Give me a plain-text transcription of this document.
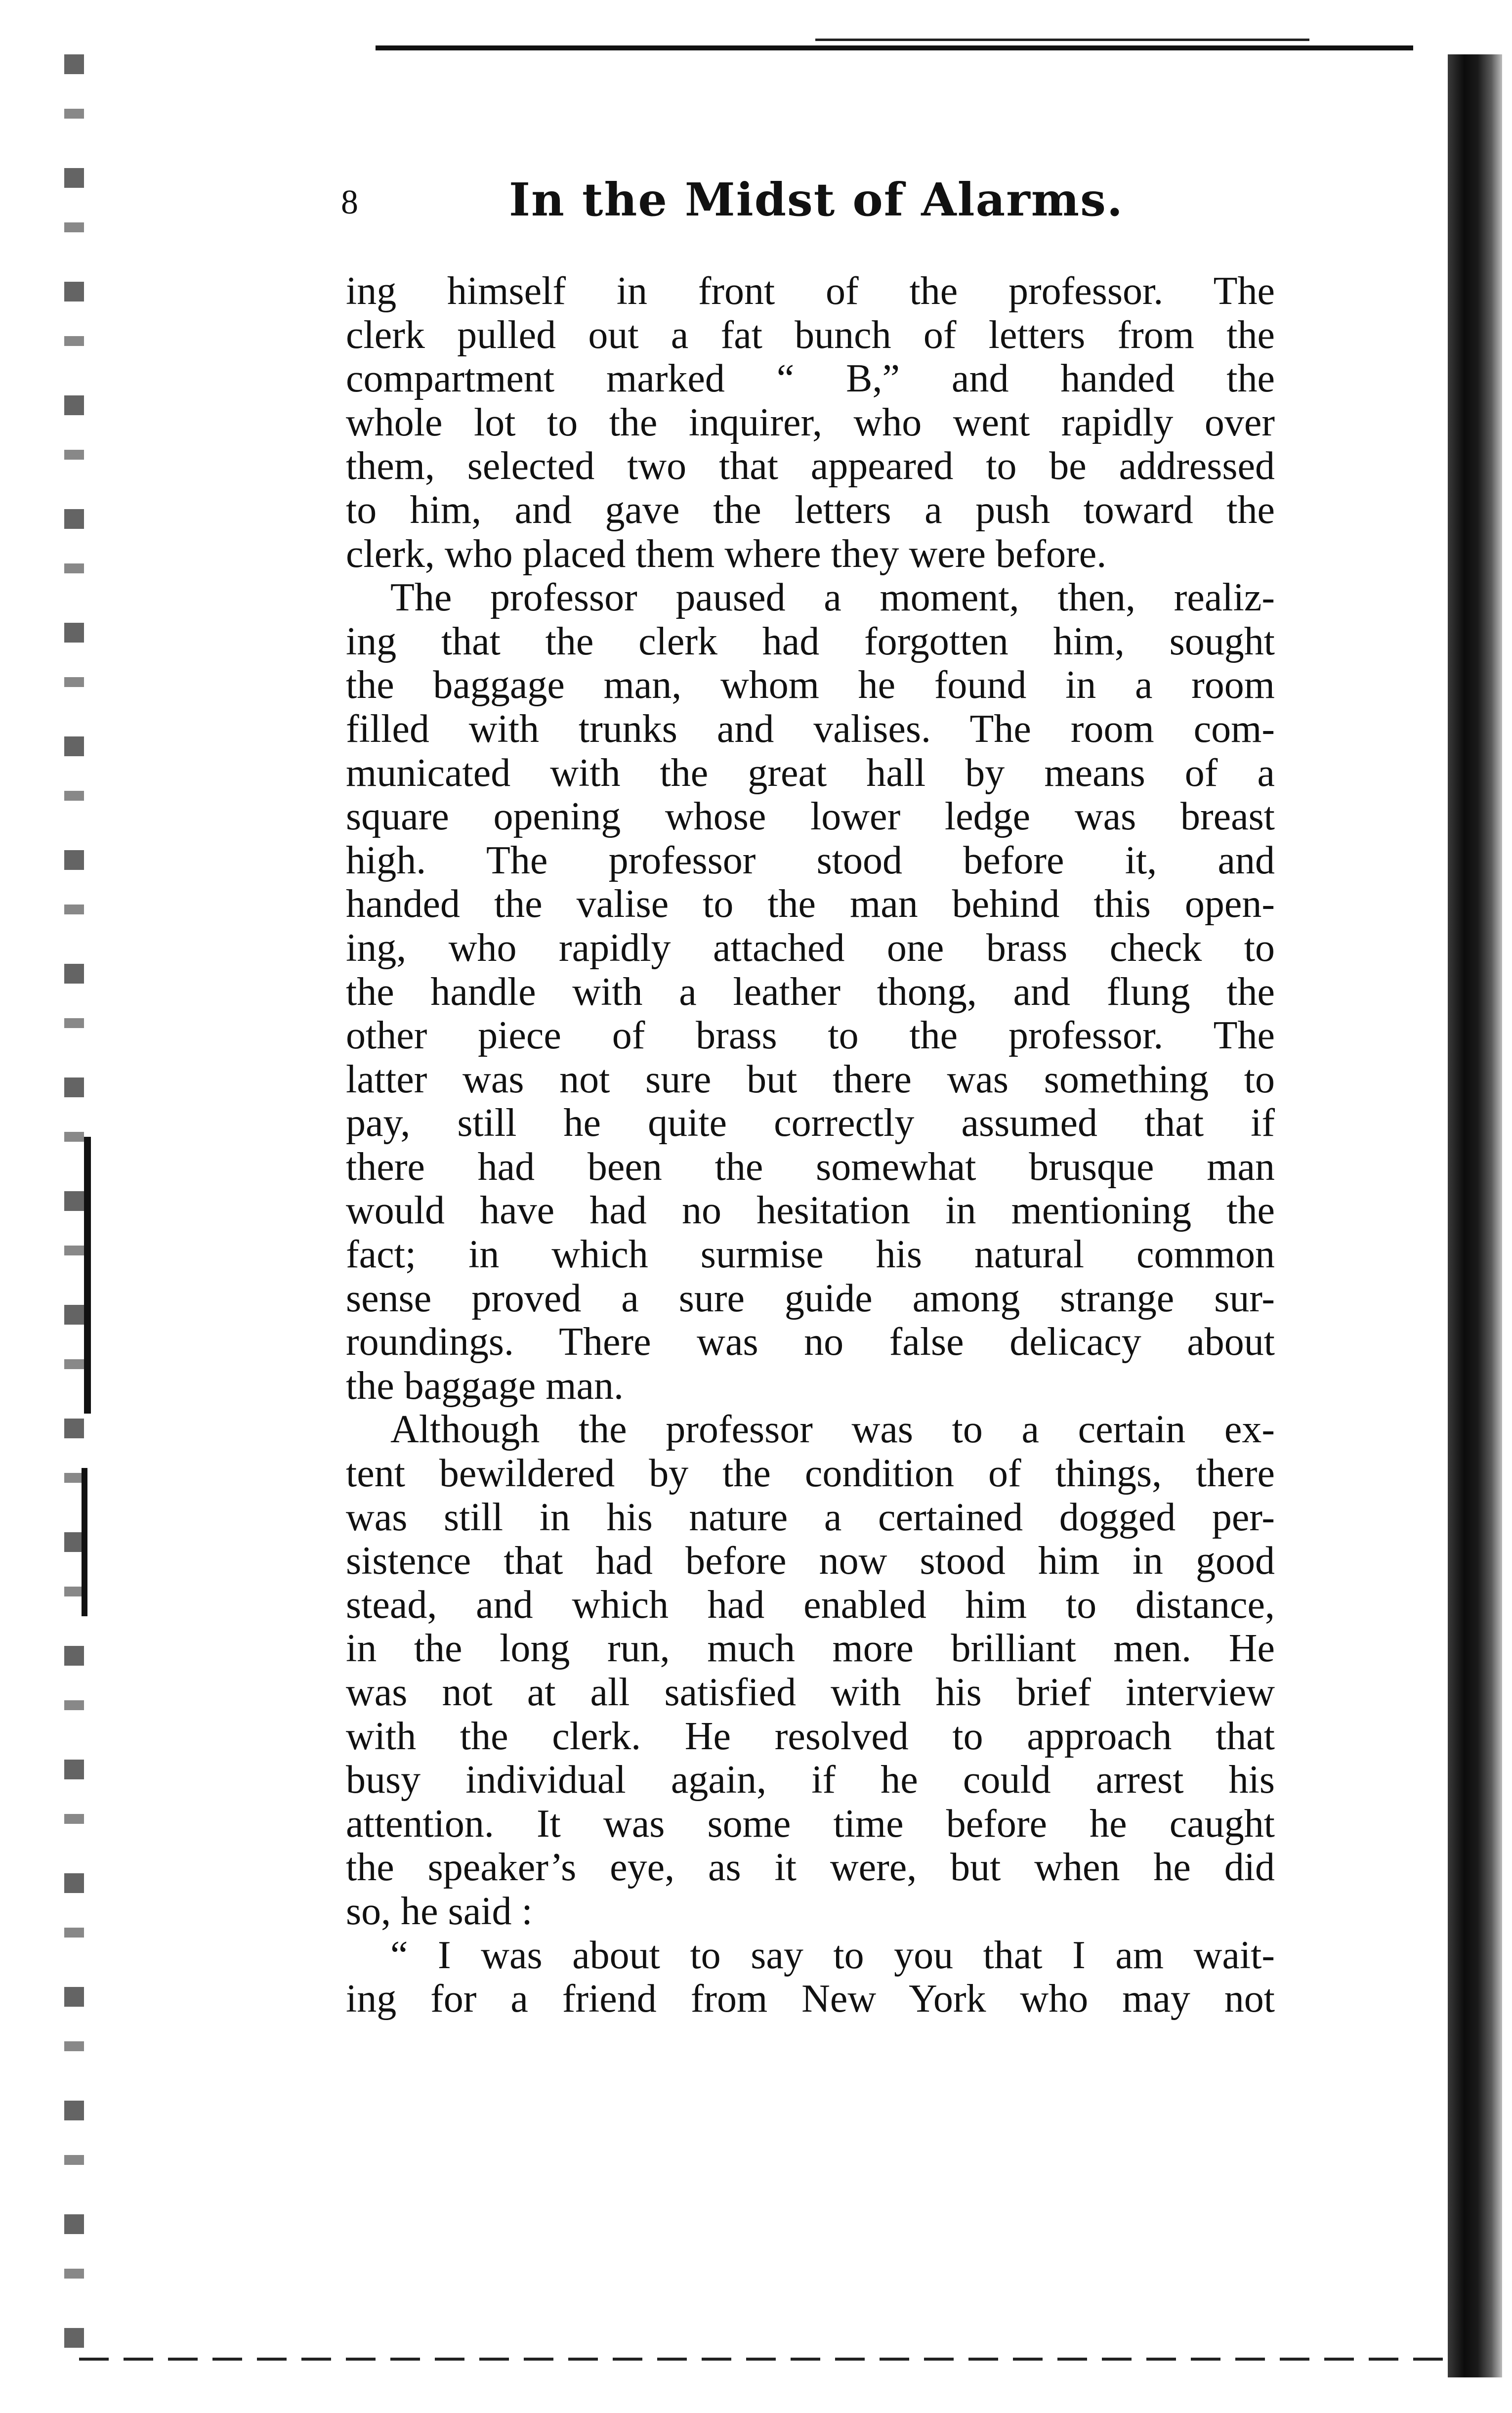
8	In the Midst of Alarms.
ing himself in front of the professor. The
clerk pulled out a fat bunch of letters from the
compartment marked “ B,” and handed the
whole lot to the inquirer, who went rapidly over
them, selected two that appeared to be addressed
to him, and gave the letters a push toward the
clerk, who placed them where they were before.
The professor paused a moment, then, realiz-
ing that the clerk had forgotten him, sought
the baggage man, whom he found in a room
filled with trunks and valises. The room com-
municated with the great hall by means of a
square opening whose lower ledge was breast
high. The professor stood before it, and
handed the valise to the man behind this open-
ing, who rapidly attached one brass check to
the handle with a leather thong, and flung the
other piece of brass to the professor. The
latter was not sure but there was something to
pay, still he quite correctly assumed that if
there had been the somewhat brusque man
would have had no hesitation in mentioning the
fact; in which surmise his natural common
sense proved a sure guide among strange sur-
roundings. There was no false delicacy about
the baggage man.
Although the professor was to a certain ex-
tent bewildered by the condition of things, there
was still in his nature a certained dogged per-
sistence that had before now stood him in good
stead, and which had enabled him to distance,
in the long run, much more brilliant men. He
was not at all satisfied with his brief interview
with the clerk. He resolved to approach that
busy individual again, if he could arrest his
attention. It was some time before he caught
the speaker’s eye, as it were, but when he did
so, he said :
“ I was about to say to you that I am wait-
ing for a friend from New York who may not
